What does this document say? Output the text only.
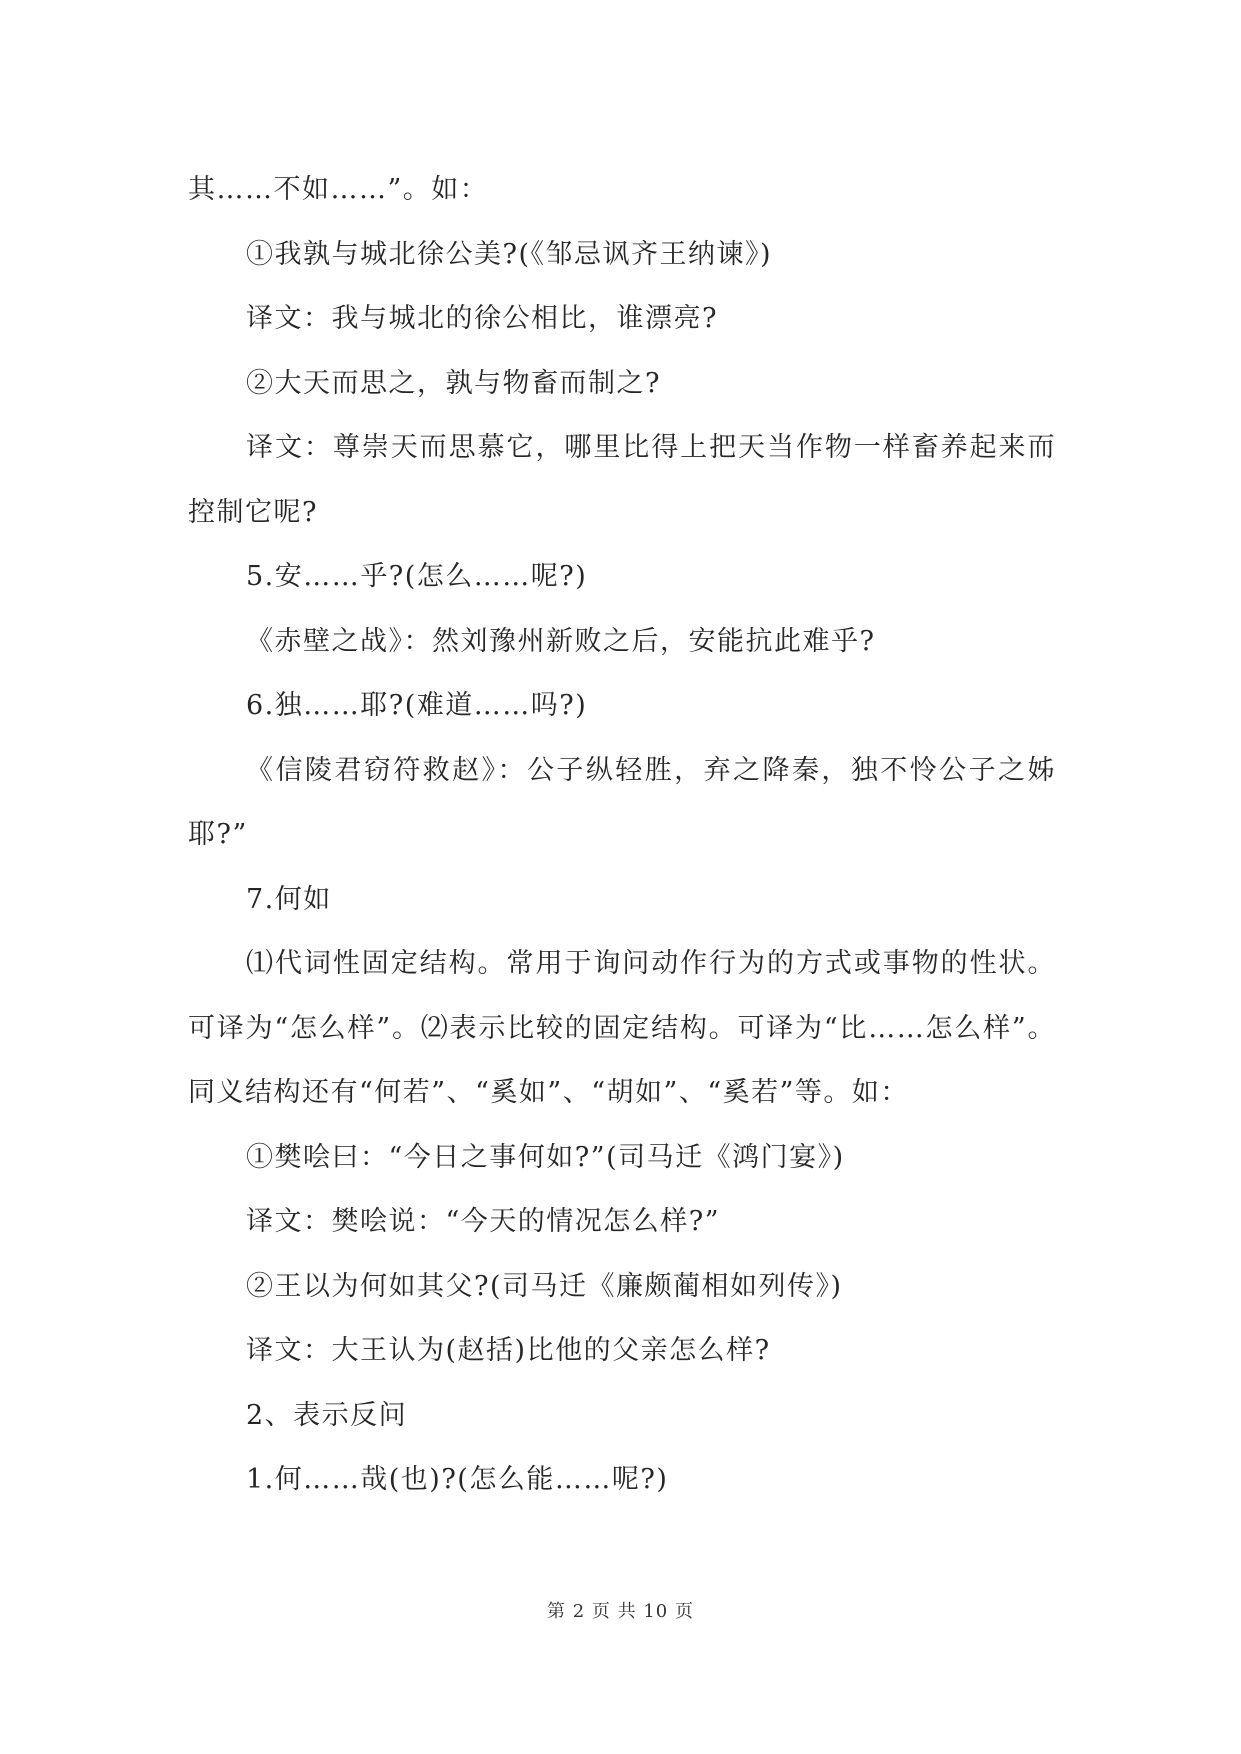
其……不如……”。如：

①我孰与城北徐公美?(《邹忌讽齐王纳谏》)

译文：我与城北的徐公相比，谁漂亮?

②大天而思之，孰与物畜而制之?

译文：尊崇天而思慕它，哪里比得上把天当作物一样畜养起来而控制它呢?

5.安……乎?(怎么……呢?)

《赤壁之战》：然刘豫州新败之后，安能抗此难乎?

6.独……耶?(难道……吗?)

《信陵君窃符救赵》：公子纵轻胜，弃之降秦，独不怜公子之姊耶?”

7.何如

⑴代词性固定结构。常用于询问动作行为的方式或事物的性状。可译为“怎么样”。⑵表示比较的固定结构。可译为“比……怎么样”。同义结构还有“何若”、“奚如”、“胡如”、“奚若”等。如：

①樊哙曰：“今日之事何如?”(司马迁《鸿门宴》)

译文：樊哙说：“今天的情况怎么样?”

②王以为何如其父?(司马迁《廉颇蔺相如列传》)

译文：大王认为(赵括)比他的父亲怎么样?

2、表示反问

1.何……哉(也)?(怎么能……呢?)

第 2 页 共 10 页
